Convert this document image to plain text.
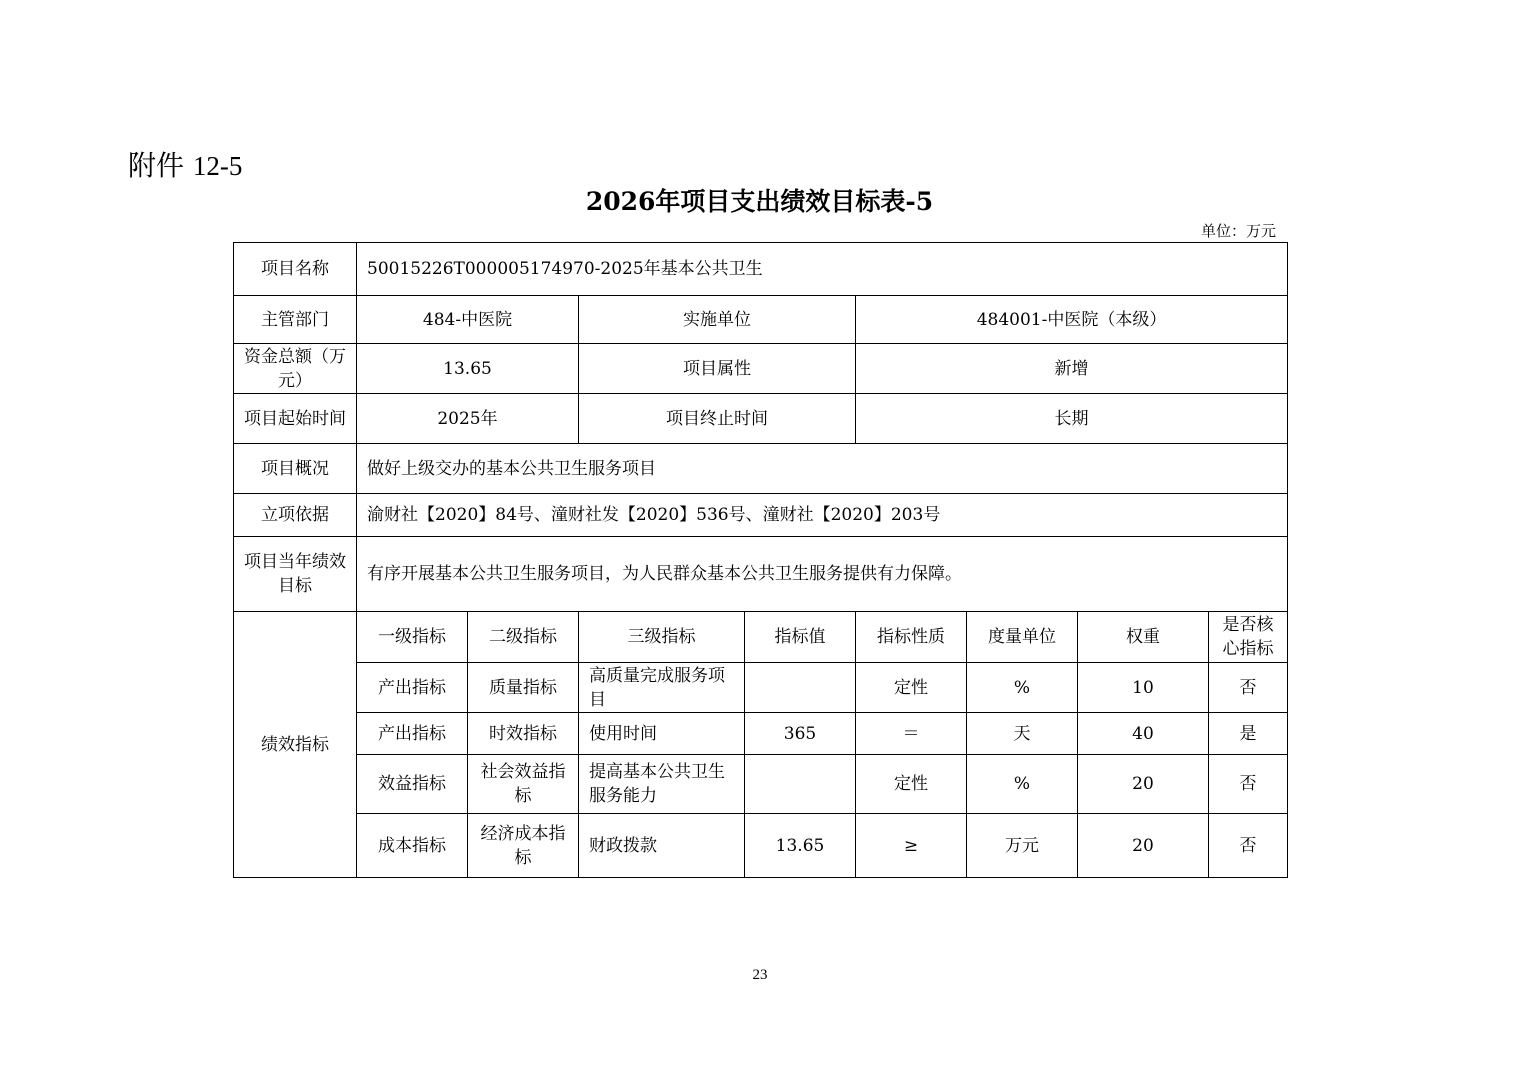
附件 12-5
2026年项目支出绩效目标表-5
单位：万元
项目名称	50015226T000005174970-2025年基本公共卫生							
主管部门	484-中医院		实施单位		484001-中医院（本级）			
资金总额（万元）	13.65		项目属性		新增			
项目起始时间	2025年		项目终止时间		长期			
项目概况	做好上级交办的基本公共卫生服务项目							
立项依据	渝财社【2020】84号、潼财社发【2020】536号、潼财社【2020】203号							
项目当年绩效目标	有序开展基本公共卫生服务项目，为人民群众基本公共卫生服务提供有力保障。							
绩效指标	一级指标	二级指标	三级指标	指标值	指标性质	度量单位	权重	是否核心指标
	产出指标	质量指标	高质量完成服务项目		定性	%	10	否
	产出指标	时效指标	使用时间	365	＝	天	40	是
	效益指标	社会效益指标	提高基本公共卫生服务能力		定性	%	20	否
	成本指标	经济成本指标	财政拨款	13.65	≥	万元	20	否
23
